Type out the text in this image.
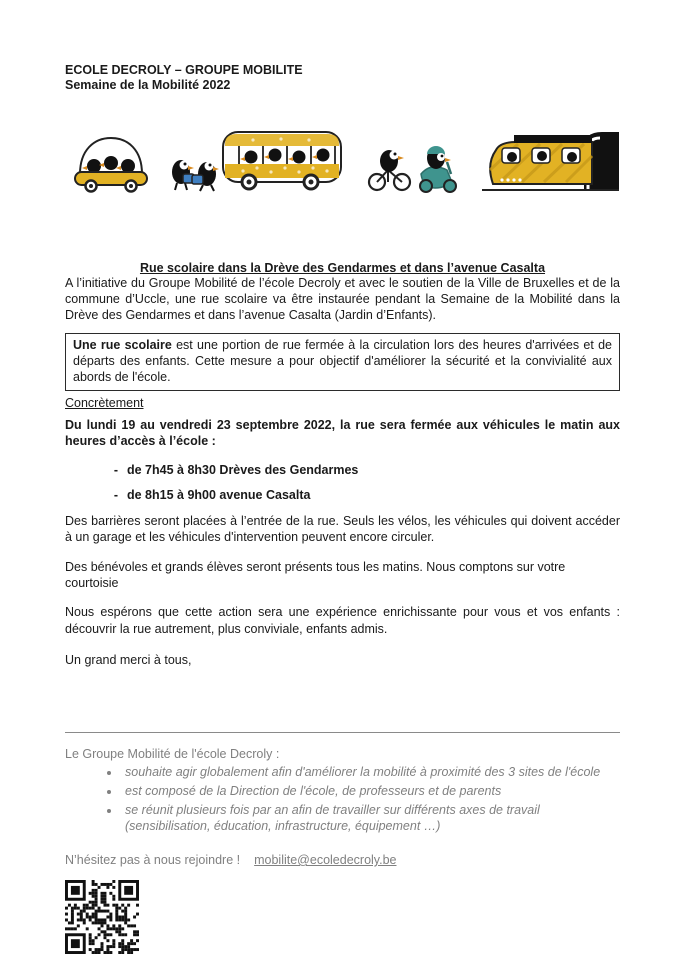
ECOLE DECROLY – GROUPE MOBILITE
Semaine de la Mobilité 2022
Rue scolaire dans la Drève des Gendarmes et dans l’avenue Casalta

A l’initiative du Groupe Mobilité de l’école Decroly et avec le soutien de la Ville de Bruxelles et de la commune d’Uccle, une rue scolaire va être instaurée pendant la Semaine de la Mobilité dans la Drève des Gendarmes et dans l’avenue Casalta (Jardin d’Enfants).

Une rue scolaire est une portion de rue fermée à la circulation lors des heures d'arrivées et de départs des enfants. Cette mesure a pour objectif d'améliorer la sécurité et la convivialité aux abords de l'école.
Concrètement

Du lundi 19 au vendredi 23 septembre 2022, la rue sera fermée aux véhicules le matin aux heures d’accès à l’école :

- de 7h45 à 8h30 Drèves des Gendarmes
- de 8h15 à 9h00 avenue Casalta

Des barrières seront placées à l’entrée de la rue. Seuls les vélos, les véhicules qui doivent accéder à un garage et les véhicules d'intervention peuvent encore circuler.

Des bénévoles et grands élèves seront présents tous les matins. Nous comptons sur votre courtoisie

Nous espérons que cette action sera une expérience enrichissante pour vous et vos enfants : découvrir la rue autrement, plus conviviale, enfants admis.

Un grand merci à tous,

Le Groupe Mobilité de l'école Decroly :
• souhaite agir globalement afin d'améliorer la mobilité à proximité des 3 sites de l'école
• est composé de la Direction de l'école, de professeurs et de parents
• se réunit plusieurs fois par an afin de travailler sur différents axes de travail (sensibilisation, éducation, infrastructure, équipement …)
N’hésitez pas à nous rejoindre ! mobilite@ecoledecroly.be
